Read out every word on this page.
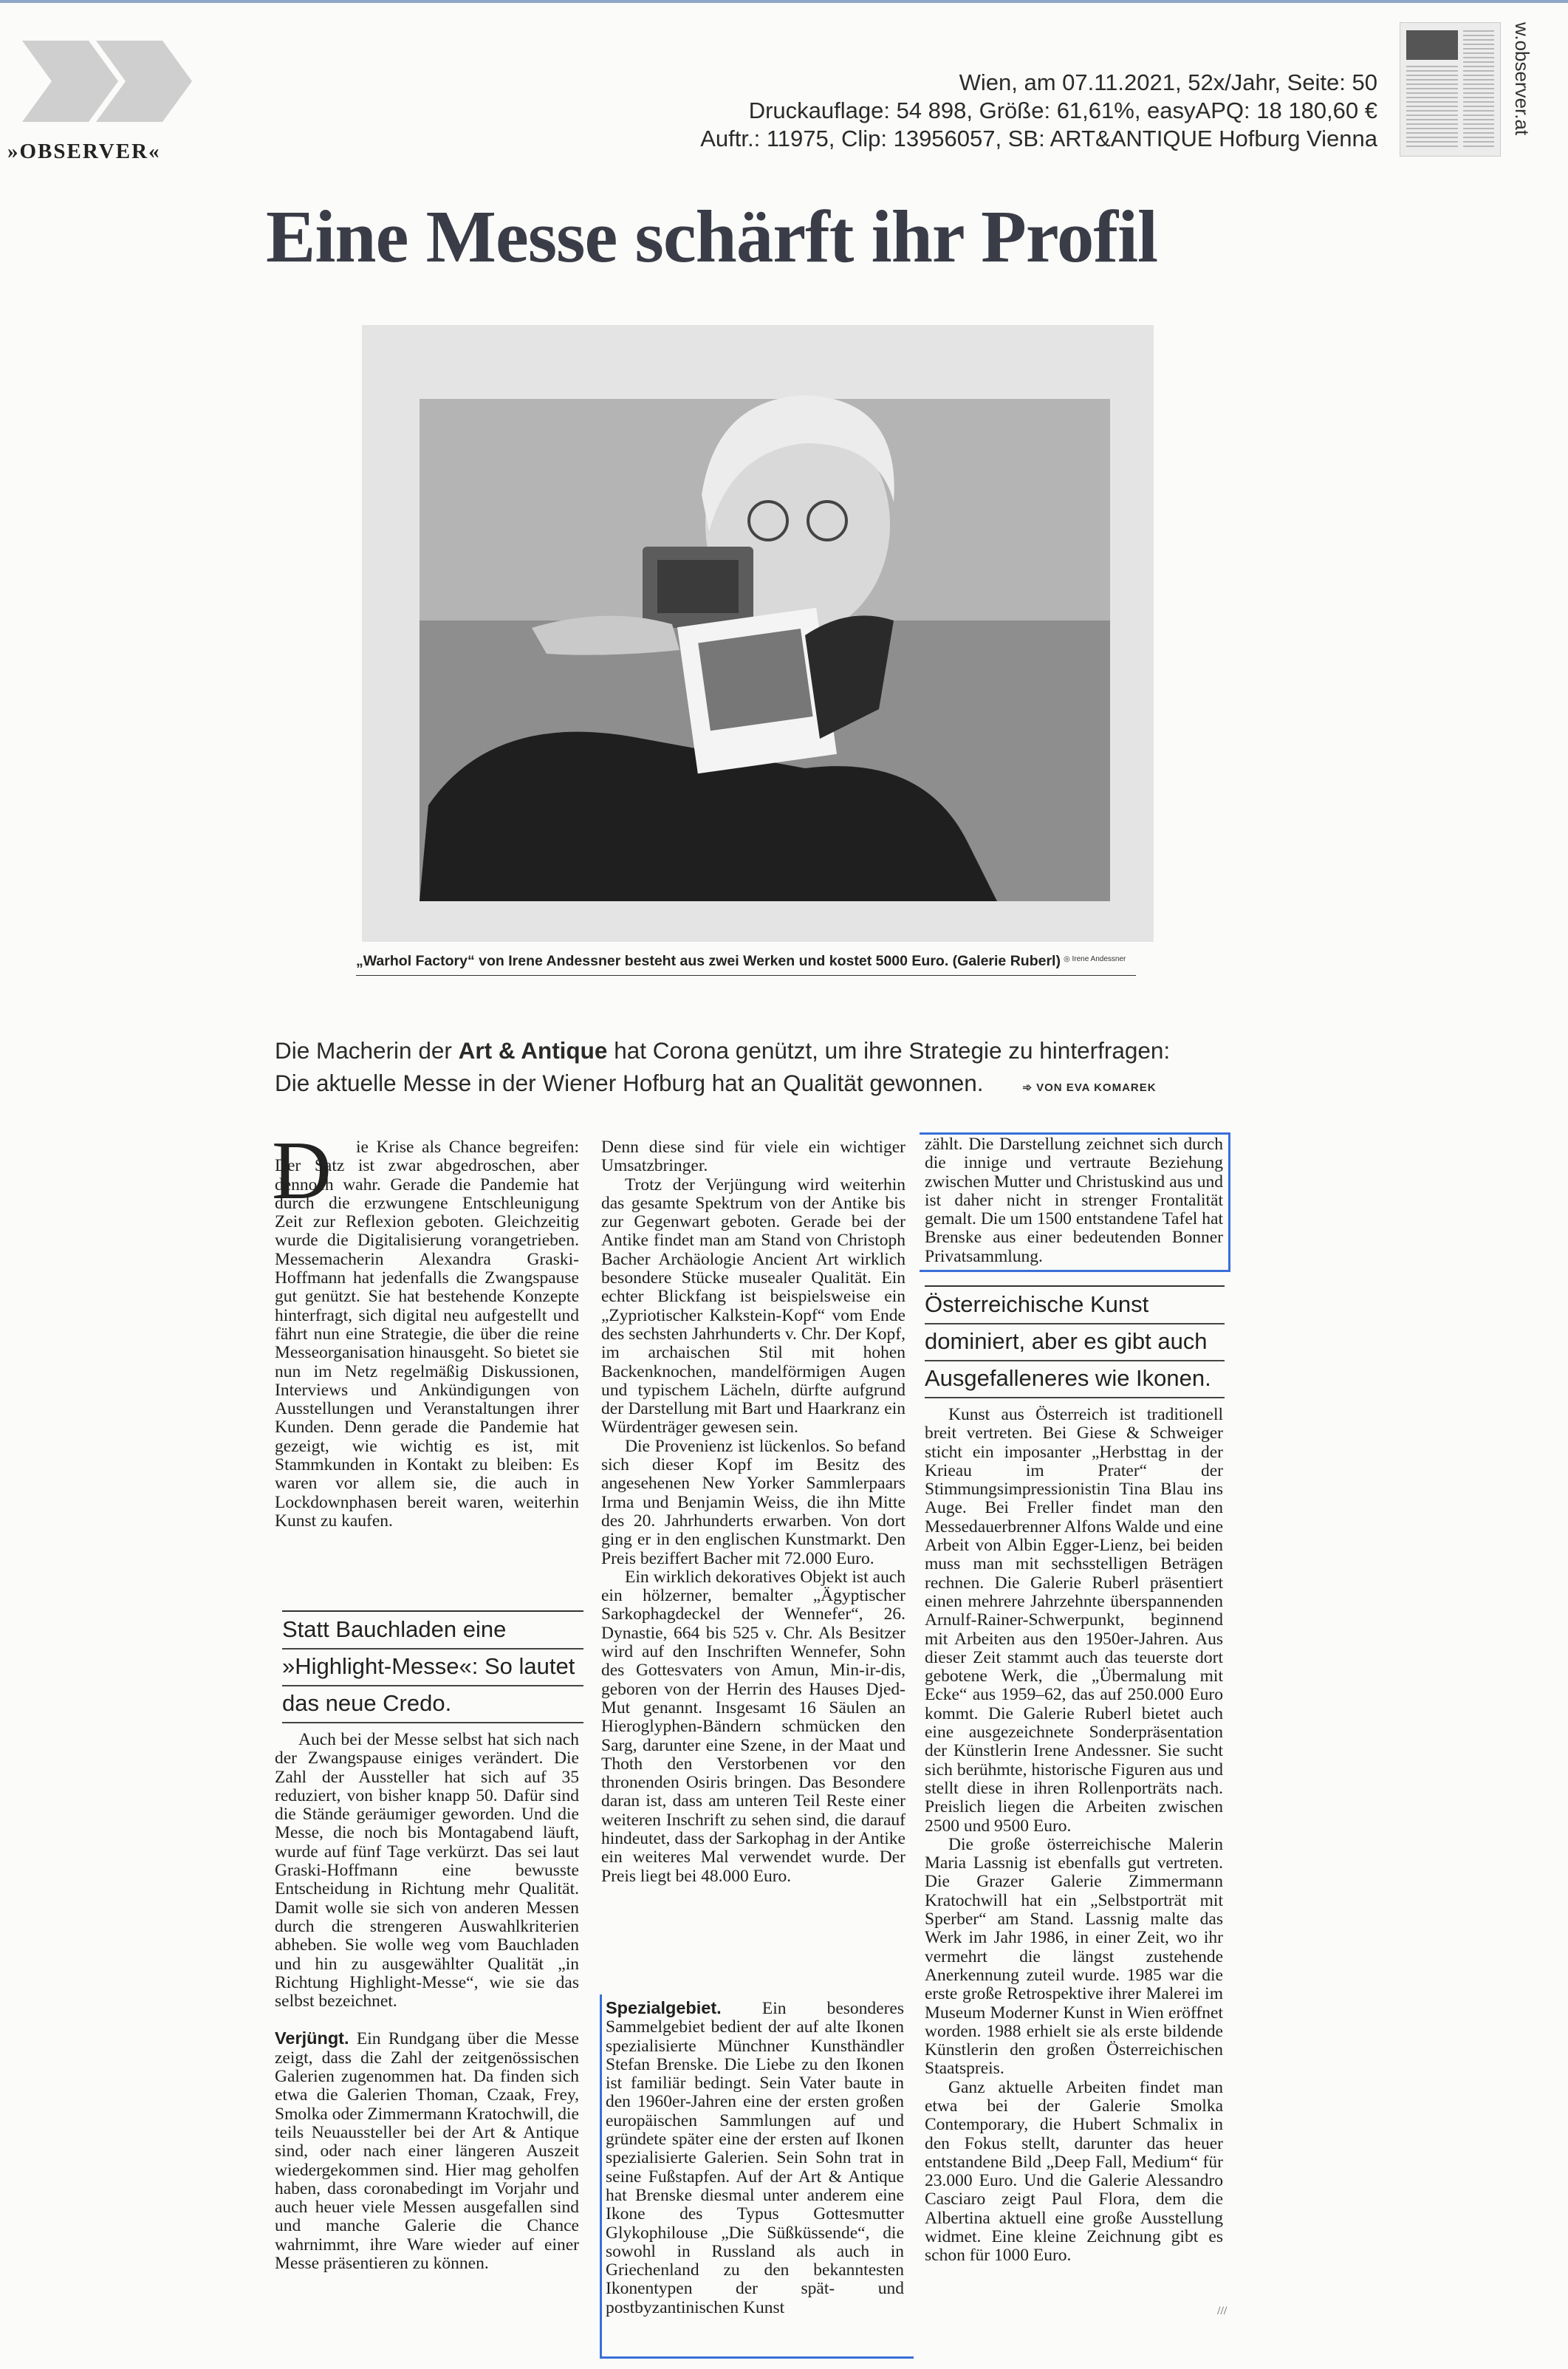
»OBSERVER«
Wien, am 07.11.2021, 52x/Jahr, Seite: 50
Druckauflage: 54 898, Größe: 61,61%, easyAPQ: 18 180,60 €
Auftr.: 11975, Clip: 13956057, SB: ART&ANTIQUE Hofburg Vienna
w.observer.at
Eine Messe schärft ihr Profil
„Warhol Factory“ von Irene Andessner besteht aus zwei Werken und kostet 5000 Euro. (Galerie Ruberl) ◎ Irene Andessner
Die Macherin der Art & Antique hat Corona genützt, um ihre Strategie zu hinterfragen:
Die aktuelle Messe in der Wiener Hofburg hat an Qualität gewonnen.	➾ VON EVA KOMAREK
D	ie Krise als Chance begreifen: Der Satz ist zwar abgedroschen, aber dennoch wahr. Gerade die Pandemie hat durch die erzwungene Entschleunigung Zeit zur Reflexion geboten. Gleichzeitig wurde die Digitalisierung vorangetrieben. Messemacherin Alexandra Graski-Hoffmann hat jedenfalls die Zwangspause gut genützt. Sie hat bestehende Konzepte hinterfragt, sich digital neu aufgestellt und fährt nun eine Strategie, die über die reine Messeorganisation hinausgeht. So bietet sie nun im Netz regelmäßig Diskussionen, Interviews und Ankündigungen von Ausstellungen und Veranstaltungen ihrer Kunden. Denn gerade die Pandemie hat gezeigt, wie wichtig es ist, mit Stammkunden in Kontakt zu bleiben: Es waren vor allem sie, die auch in Lockdownphasen bereit waren, weiterhin Kunst zu kaufen.

Statt Bauchladen eine
»Highlight-Messe«: So lautet
das neue Credo.

Auch bei der Messe selbst hat sich nach der Zwangspause einiges verändert. Die Zahl der Aussteller hat sich auf 35 reduziert, von bisher knapp 50. Dafür sind die Stände geräumiger geworden. Und die Messe, die noch bis Montagabend läuft, wurde auf fünf Tage verkürzt. Das sei laut Graski-Hoffmann eine bewusste Entscheidung in Richtung mehr Qualität. Damit wolle sie sich von anderen Messen durch die strengeren Auswahlkriterien abheben. Sie wolle weg vom Bauchladen und hin zu ausgewählter Qualität „in Richtung Highlight-Messe“, wie sie das selbst bezeichnet.

Verjüngt. Ein Rundgang über die Messe zeigt, dass die Zahl der zeitgenössischen Galerien zugenommen hat. Da finden sich etwa die Galerien Thoman, Czaak, Frey, Smolka oder Zimmermann Kratochwill, die teils Neuaussteller bei der Art & Antique sind, oder nach einer längeren Auszeit wiedergekommen sind. Hier mag geholfen haben, dass coronabedingt im Vorjahr und auch heuer viele Messen ausgefallen sind und manche Galerie die Chance wahrnimmt, ihre Ware wieder auf einer Messe präsentieren zu können.

Denn diese sind für viele ein wichtiger Umsatzbringer.

Trotz der Verjüngung wird weiterhin das gesamte Spektrum von der Antike bis zur Gegenwart geboten. Gerade bei der Antike findet man am Stand von Christoph Bacher Archäologie Ancient Art wirklich besondere Stücke musealer Qualität. Ein echter Blickfang ist beispielsweise ein „Zypriotischer Kalkstein-Kopf“ vom Ende des sechsten Jahrhunderts v. Chr. Der Kopf, im archaischen Stil mit hohen Backenknochen, mandelförmigen Augen und typischem Lächeln, dürfte aufgrund der Darstellung mit Bart und Haarkranz ein Würdenträger gewesen sein.

Die Provenienz ist lückenlos. So befand sich dieser Kopf im Besitz des angesehenen New Yorker Sammlerpaars Irma und Benjamin Weiss, die ihn Mitte des 20. Jahrhunderts erwarben. Von dort ging er in den englischen Kunstmarkt. Den Preis beziffert Bacher mit 72.000 Euro.

Ein wirklich dekoratives Objekt ist auch ein hölzerner, bemalter „Ägyptischer Sarkophagdeckel der Wennefer“, 26. Dynastie, 664 bis 525 v. Chr. Als Besitzer wird auf den Inschriften Wennefer, Sohn des Gottesvaters von Amun, Min-ir-dis, geboren von der Herrin des Hauses Djed-Mut genannt. Insgesamt 16 Säulen an Hieroglyphen-Bändern schmücken den Sarg, darunter eine Szene, in der Maat und Thoth den Verstorbenen vor den thronenden Osiris bringen. Das Besondere daran ist, dass am unteren Teil Reste einer weiteren Inschrift zu sehen sind, die darauf hindeutet, dass der Sarkophag in der Antike ein weiteres Mal verwendet wurde. Der Preis liegt bei 48.000 Euro.

Spezialgebiet. Ein besonderes Sammelgebiet bedient der auf alte Ikonen spezialisierte Münchner Kunsthändler Stefan Brenske. Die Liebe zu den Ikonen ist familiär bedingt. Sein Vater baute in den 1960er-Jahren eine der ersten großen europäischen Sammlungen auf und gründete später eine der ersten auf Ikonen spezialisierte Galerien. Sein Sohn trat in seine Fußstapfen. Auf der Art & Antique hat Brenske diesmal unter anderem eine Ikone des Typus Gottesmutter Glykophilouse „Die Süßküssende“, die sowohl in Russland als auch in Griechenland zu den bekanntesten Ikonentypen der spät- und postbyzantinischen Kunst

zählt. Die Darstellung zeichnet sich durch die innige und vertraute Beziehung zwischen Mutter und Christuskind aus und ist daher nicht in strenger Frontalität gemalt. Die um 1500 entstandene Tafel hat Brenske aus einer bedeutenden Bonner Privatsammlung.

Österreichische Kunst
dominiert, aber es gibt auch
Ausgefalleneres wie Ikonen.

Kunst aus Österreich ist traditionell breit vertreten. Bei Giese & Schweiger sticht ein imposanter „Herbsttag in der Krieau im Prater“ der Stimmungsimpressionistin Tina Blau ins Auge. Bei Freller findet man den Messedauerbrenner Alfons Walde und eine Arbeit von Albin Egger-Lienz, bei beiden muss man mit sechsstelligen Beträgen rechnen. Die Galerie Ruberl präsentiert einen mehrere Jahrzehnte überspannenden Arnulf-Rainer-Schwerpunkt, beginnend mit Arbeiten aus den 1950er-Jahren. Aus dieser Zeit stammt auch das teuerste dort gebotene Werk, die „Übermalung mit Ecke“ aus 1959–62, das auf 250.000 Euro kommt. Die Galerie Ruberl bietet auch eine ausgezeichnete Sonderpräsentation der Künstlerin Irene Andessner. Sie sucht sich berühmte, historische Figuren aus und stellt diese in ihren Rollenporträts nach. Preislich liegen die Arbeiten zwischen 2500 und 9500 Euro.

Die große österreichische Malerin Maria Lassnig ist ebenfalls gut vertreten. Die Grazer Galerie Zimmermann Kratochwill hat ein „Selbstporträt mit Sperber“ am Stand. Lassnig malte das Werk im Jahr 1986, in einer Zeit, wo ihr vermehrt die längst zustehende Anerkennung zuteil wurde. 1985 war die erste große Retrospektive ihrer Malerei im Museum Moderner Kunst in Wien eröffnet worden. 1988 erhielt sie als erste bildende Künstlerin den großen Österreichischen Staatspreis.

Ganz aktuelle Arbeiten findet man etwa bei der Galerie Smolka Contemporary, die Hubert Schmalix in den Fokus stellt, darunter das heuer entstandene Bild „Deep Fall, Medium“ für 23.000 Euro. Und die Galerie Alessandro Casciaro zeigt Paul Flora, dem die Albertina aktuell eine große Ausstellung widmet. Eine kleine Zeichnung gibt es schon für 1000 Euro.

///
